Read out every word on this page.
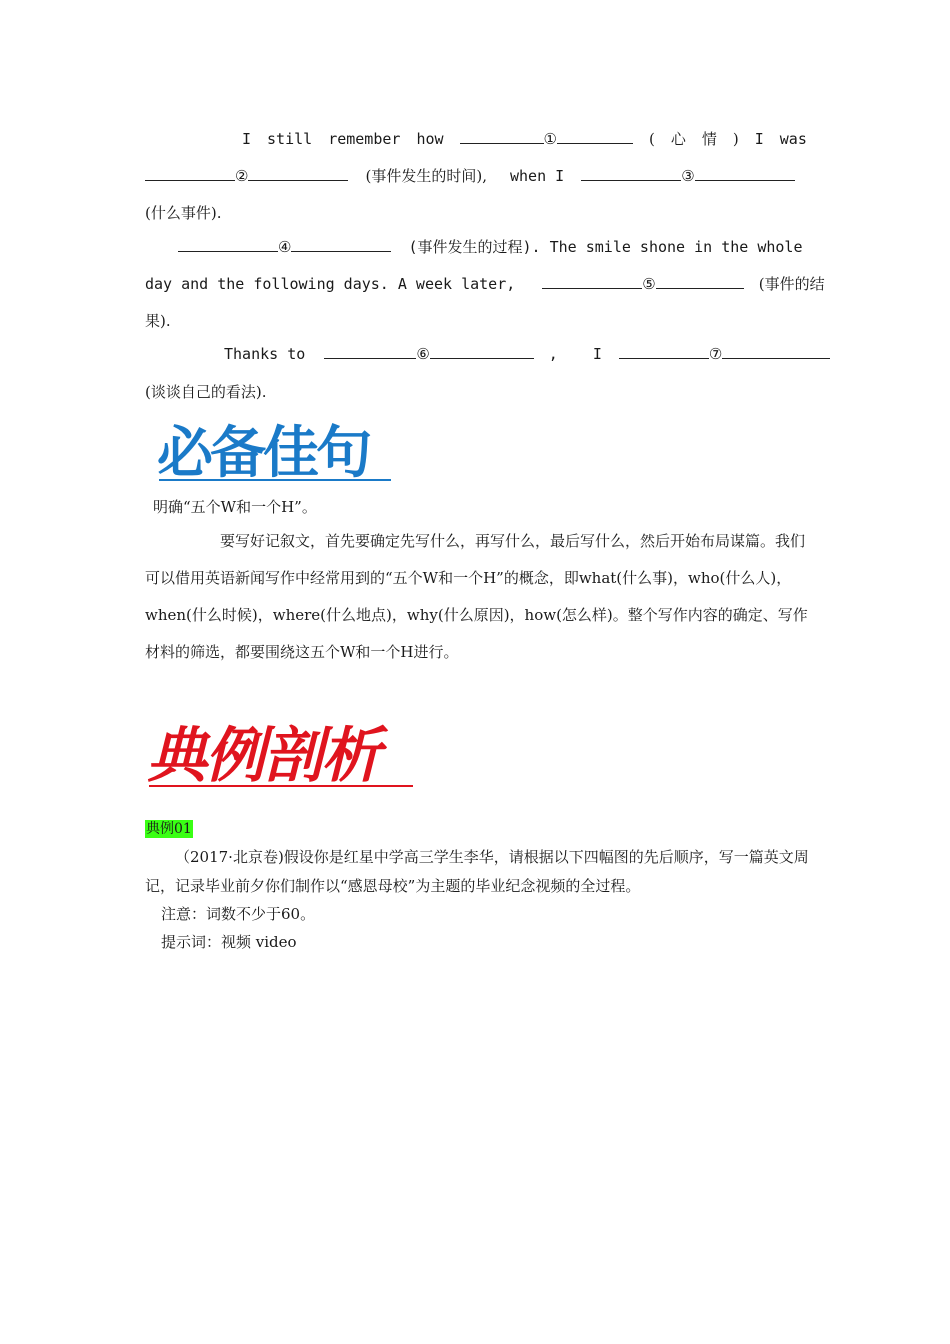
I still remember how	①	( 心 情 ) I was
②	(事件发生的时间), when I	③
(什么事件).
④	(事件发生的过程). The smile shone in the whole
day and the following days. A week later,	⑤	(事件的结
果).
Thanks to	⑥	, I	⑦
(谈谈自己的看法).
必备佳句
明确“五个W和一个H”。
要写好记叙文，首先要确定先写什么，再写什么，最后写什么，然后开始布局谋篇。我们可以借用英语新闻写作中经常用到的“五个W和一个H”的概念，即what(什么事)，who(什么人)，when(什么时候)，where(什么地点)，why(什么原因)，how(怎么样)。整个写作内容的确定、写作材料的筛选，都要围绕这五个W和一个H进行。
典例剖析
典例01
（2017·北京卷)假设你是红星中学高三学生李华，请根据以下四幅图的先后顺序，写一篇英文周记，记录毕业前夕你们制作以“感恩母校”为主题的毕业纪念视频的全过程。
注意：词数不少于60。
提示词：视频 video
